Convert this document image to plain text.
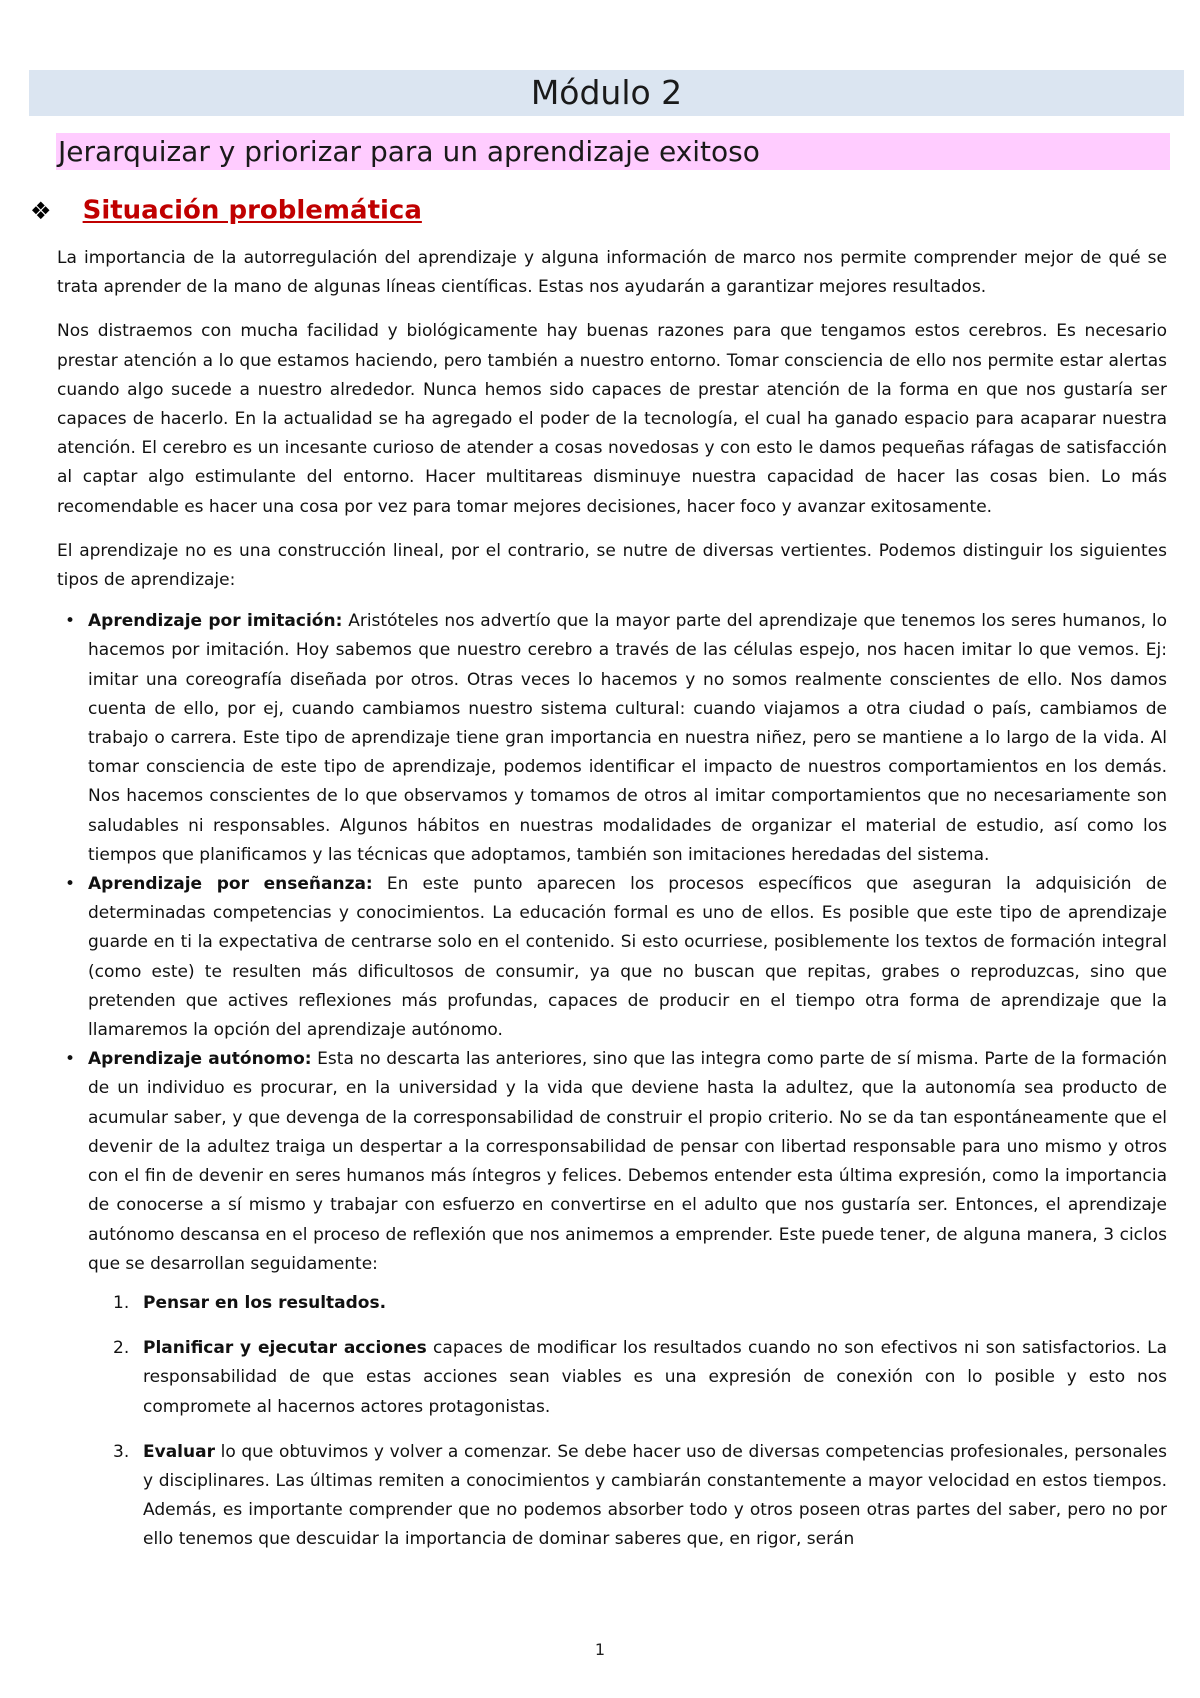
Módulo 2
Jerarquizar y priorizar para un aprendizaje exitoso
❖ Situación problemática

La importancia de la autorregulación del aprendizaje y alguna información de marco nos permite comprender mejor de qué se trata aprender de la mano de algunas líneas científicas. Estas nos ayudarán a garantizar mejores resultados.

Nos distraemos con mucha facilidad y biológicamente hay buenas razones para que tengamos estos cerebros. Es necesario prestar atención a lo que estamos haciendo, pero también a nuestro entorno. Tomar consciencia de ello nos permite estar alertas cuando algo sucede a nuestro alrededor. Nunca hemos sido capaces de prestar atención de la forma en que nos gustaría ser capaces de hacerlo. En la actualidad se ha agregado el poder de la tecnología, el cual ha ganado espacio para acaparar nuestra atención. El cerebro es un incesante curioso de atender a cosas novedosas y con esto le damos pequeñas ráfagas de satisfacción al captar algo estimulante del entorno. Hacer multitareas disminuye nuestra capacidad de hacer las cosas bien. Lo más recomendable es hacer una cosa por vez para tomar mejores decisiones, hacer foco y avanzar exitosamente.

El aprendizaje no es una construcción lineal, por el contrario, se nutre de diversas vertientes. Podemos distinguir los siguientes tipos de aprendizaje:

• Aprendizaje por imitación: Aristóteles nos advertío que la mayor parte del aprendizaje que tenemos los seres humanos, lo hacemos por imitación. Hoy sabemos que nuestro cerebro a través de las células espejo, nos hacen imitar lo que vemos. Ej: imitar una coreografía diseñada por otros. Otras veces lo hacemos y no somos realmente conscientes de ello. Nos damos cuenta de ello, por ej, cuando cambiamos nuestro sistema cultural: cuando viajamos a otra ciudad o país, cambiamos de trabajo o carrera. Este tipo de aprendizaje tiene gran importancia en nuestra niñez, pero se mantiene a lo largo de la vida. Al tomar consciencia de este tipo de aprendizaje, podemos identificar el impacto de nuestros comportamientos en los demás. Nos hacemos conscientes de lo que observamos y tomamos de otros al imitar comportamientos que no necesariamente son saludables ni responsables. Algunos hábitos en nuestras modalidades de organizar el material de estudio, así como los tiempos que planificamos y las técnicas que adoptamos, también son imitaciones heredadas del sistema.
• Aprendizaje por enseñanza: En este punto aparecen los procesos específicos que aseguran la adquisición de determinadas competencias y conocimientos. La educación formal es uno de ellos. Es posible que este tipo de aprendizaje guarde en ti la expectativa de centrarse solo en el contenido. Si esto ocurriese, posiblemente los textos de formación integral (como este) te resulten más dificultosos de consumir, ya que no buscan que repitas, grabes o reproduzcas, sino que pretenden que actives reflexiones más profundas, capaces de producir en el tiempo otra forma de aprendizaje que la llamaremos la opción del aprendizaje autónomo.
• Aprendizaje autónomo: Esta no descarta las anteriores, sino que las integra como parte de sí misma. Parte de la formación de un individuo es procurar, en la universidad y la vida que deviene hasta la adultez, que la autonomía sea producto de acumular saber, y que devenga de la corresponsabilidad de construir el propio criterio. No se da tan espontáneamente que el devenir de la adultez traiga un despertar a la corresponsabilidad de pensar con libertad responsable para uno mismo y otros con el fin de devenir en seres humanos más íntegros y felices. Debemos entender esta última expresión, como la importancia de conocerse a sí mismo y trabajar con esfuerzo en convertirse en el adulto que nos gustaría ser. Entonces, el aprendizaje autónomo descansa en el proceso de reflexión que nos animemos a emprender. Este puede tener, de alguna manera, 3 ciclos que se desarrollan seguidamente:
1. Pensar en los resultados.
2. Planificar y ejecutar acciones capaces de modificar los resultados cuando no son efectivos ni son satisfactorios. La responsabilidad de que estas acciones sean viables es una expresión de conexión con lo posible y esto nos compromete al hacernos actores protagonistas.
3. Evaluar lo que obtuvimos y volver a comenzar. Se debe hacer uso de diversas competencias profesionales, personales y disciplinares. Las últimas remiten a conocimientos y cambiarán constantemente a mayor velocidad en estos tiempos. Además, es importante comprender que no podemos absorber todo y otros poseen otras partes del saber, pero no por ello tenemos que descuidar la importancia de dominar saberes que, en rigor, serán
1
